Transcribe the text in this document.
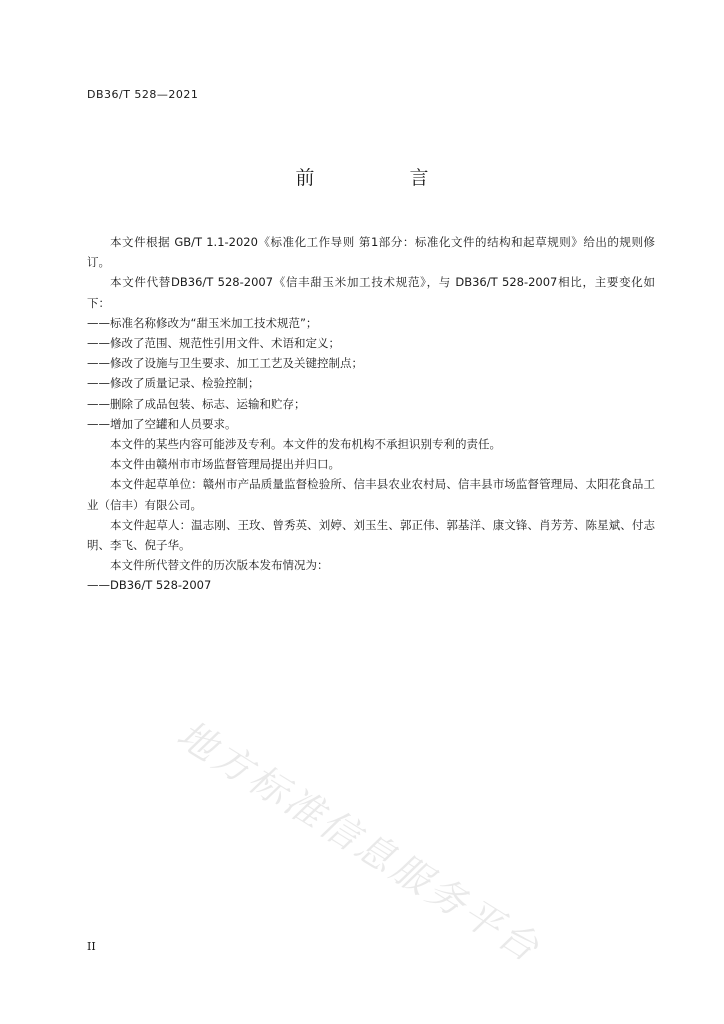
DB36/T 528—2021
前　言

本文件根据 GB/T 1.1-2020《标准化工作导则 第1部分：标准化文件的结构和起草规则》给出的规则修订。

本文件代替DB36/T 528-2007《信丰甜玉米加工技术规范》，与 DB36/T 528-2007相比，主要变化如下：

——标准名称修改为“甜玉米加工技术规范”；

——修改了范围、规范性引用文件、术语和定义；

——修改了设施与卫生要求、加工工艺及关键控制点；

——修改了质量记录、检验控制；

——删除了成品包装、标志、运输和贮存；

——增加了空罐和人员要求。

本文件的某些内容可能涉及专利。本文件的发布机构不承担识别专利的责任。

本文件由赣州市市场监督管理局提出并归口。

本文件起草单位：赣州市产品质量监督检验所、信丰县农业农村局、信丰县市场监督管理局、太阳花食品工业（信丰）有限公司。

本文件起草人：温志刚、王玫、曾秀英、刘婷、刘玉生、郭正伟、郭基洋、康文锋、肖芳芳、陈星斌、付志明、李飞、倪子华。

本文件所代替文件的历次版本发布情况为：

——DB36/T 528-2007

地方标准信息服务平台
II
